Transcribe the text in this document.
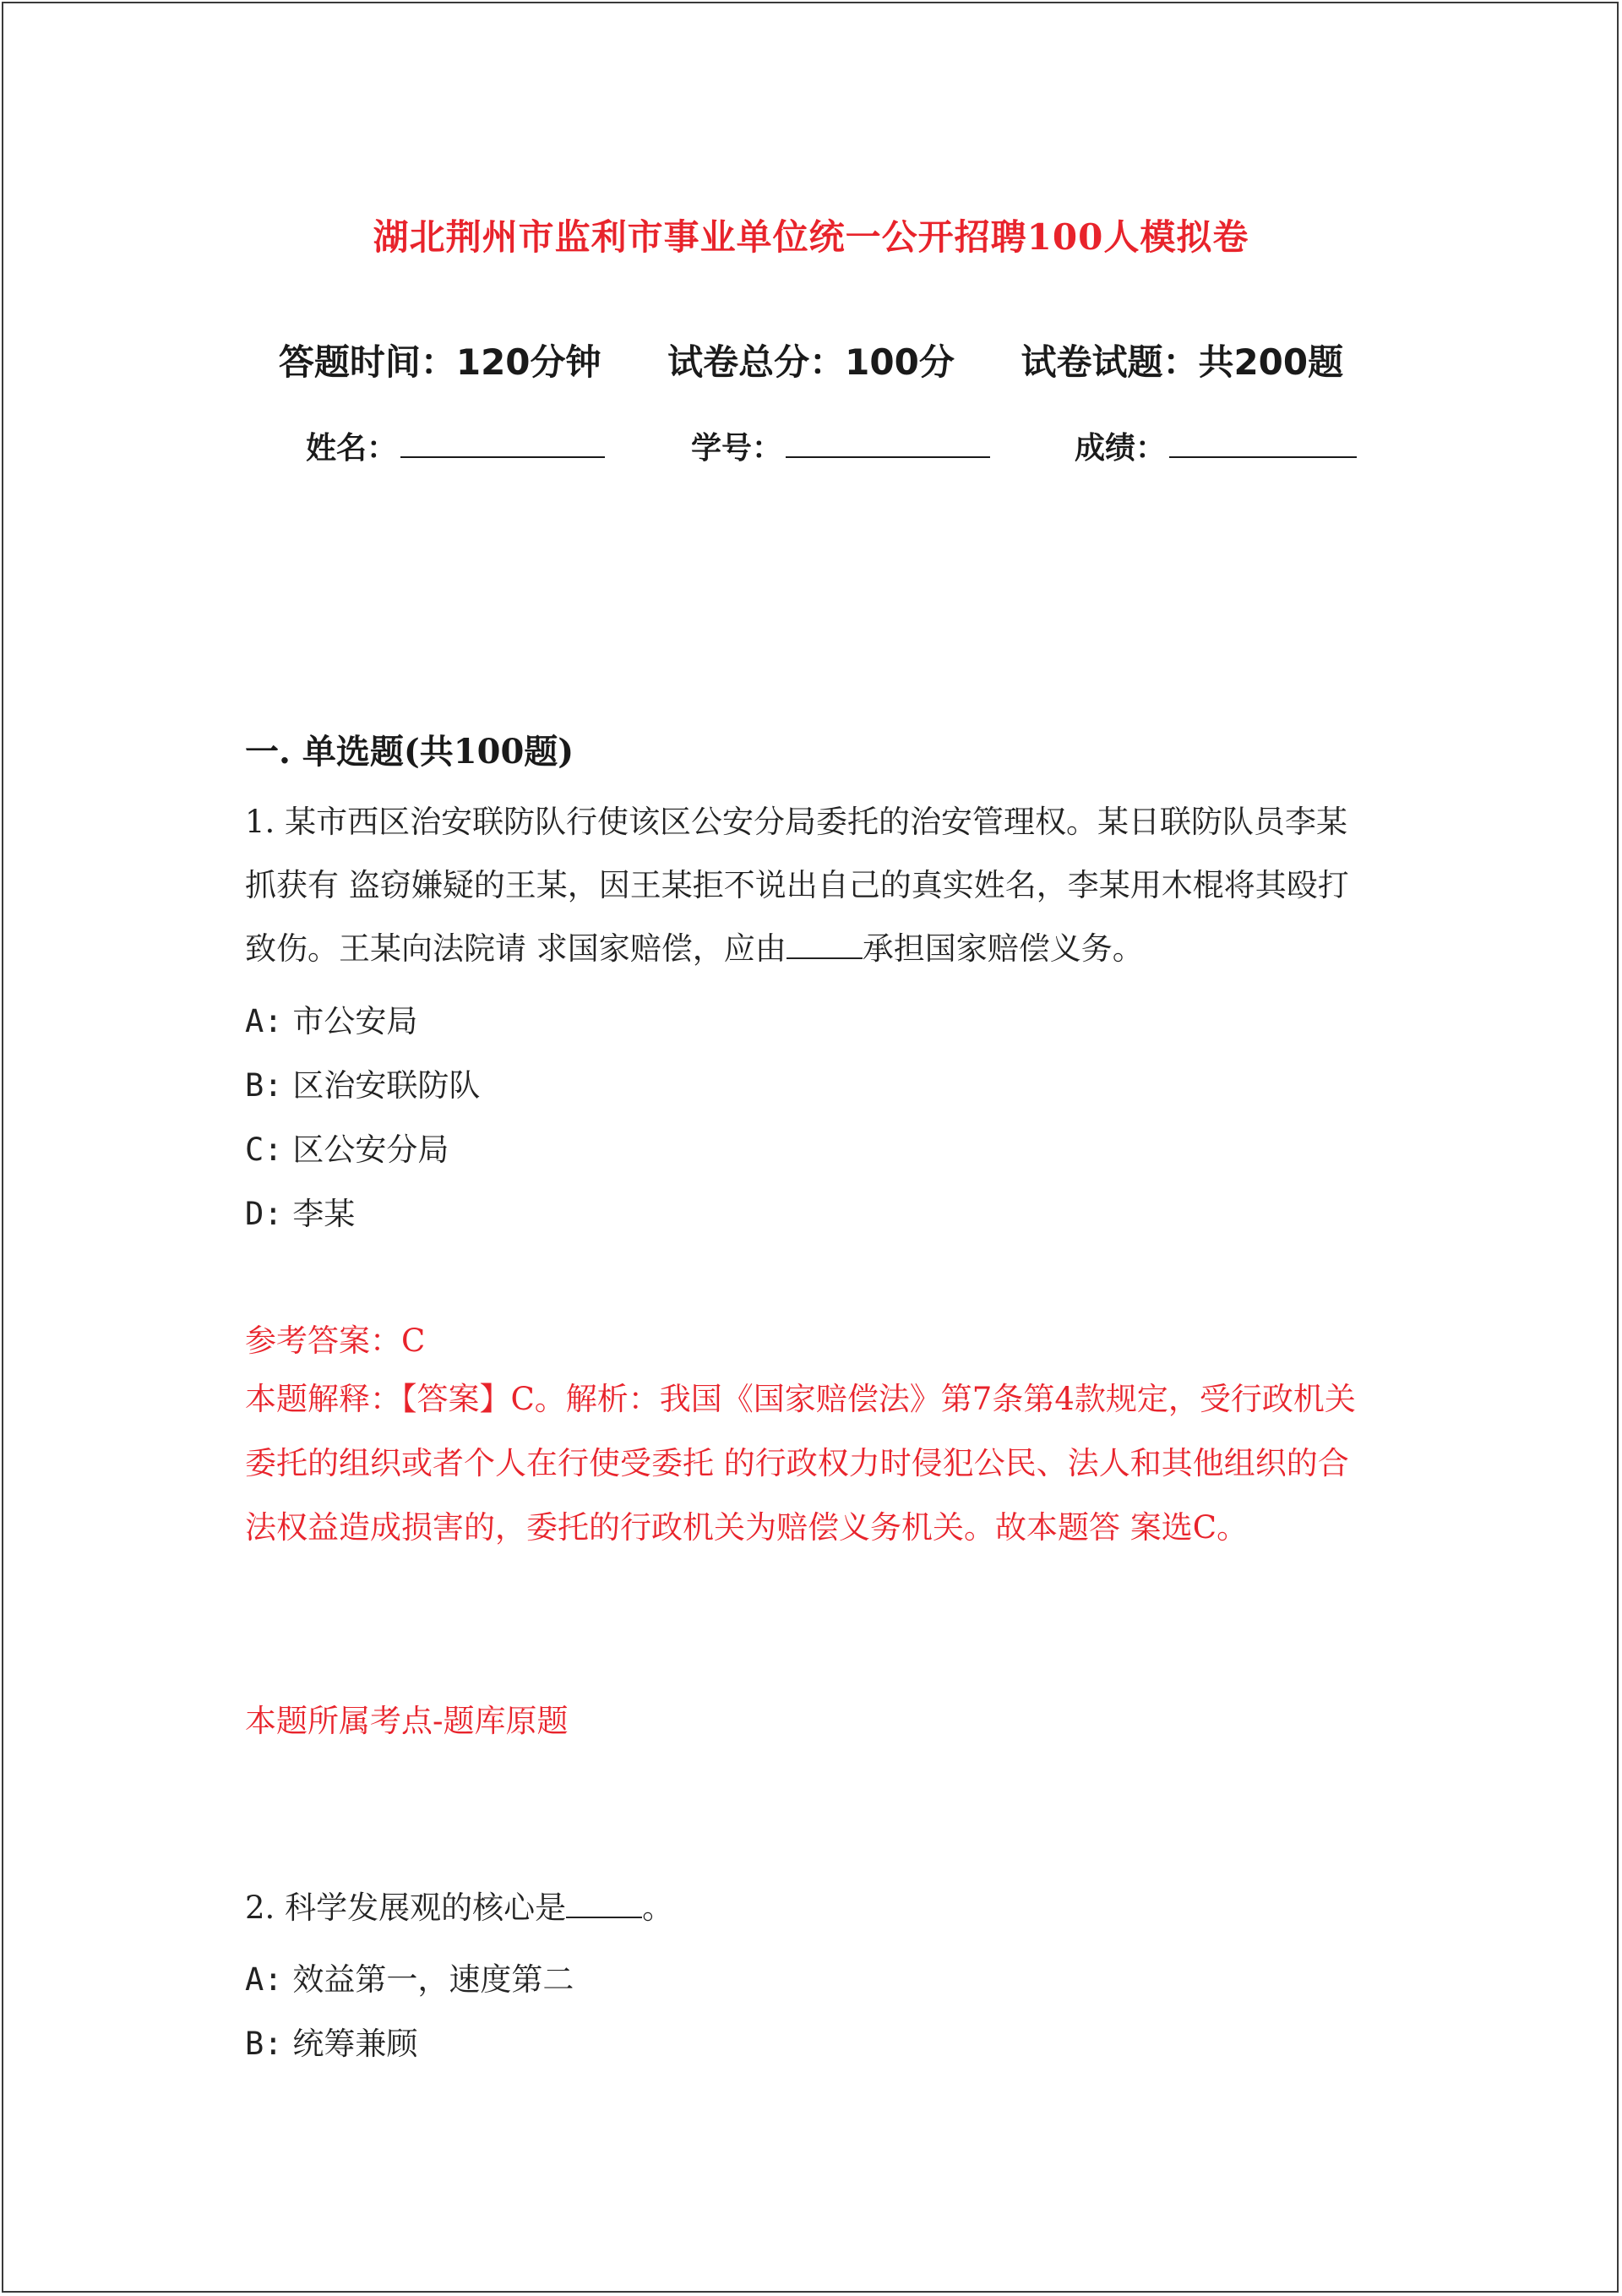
湖北荆州市监利市事业单位统一公开招聘100人模拟卷
答题时间：120分钟 试卷总分：100分 试卷试题：共200题
姓名：	学号：	成绩：
一. 单选题(共100题)
1. 某市西区治安联防队行使该区公安分局委托的治安管理权。某日联防队员李某抓获有 盗窃嫌疑的王某，因王某拒不说出自己的真实姓名，李某用木棍将其殴打致伤。王某向法院请 求国家赔偿，应由 承担国家赔偿义务。
A: 市公安局
B: 区治安联防队
C: 区公安分局
D: 李某
参考答案：C
本题解释：【答案】C。解析：我国《国家赔偿法》第7条第4款规定，受行政机关委托的组织或者个人在行使受委托 的行政权力时侵犯公民、法人和其他组织的合法权益造成损害的，委托的行政机关为赔偿义务机关。故本题答 案选C。
本题所属考点-题库原题
2. 科学发展观的核心是 。
A: 效益第一，速度第二
B: 统筹兼顾
